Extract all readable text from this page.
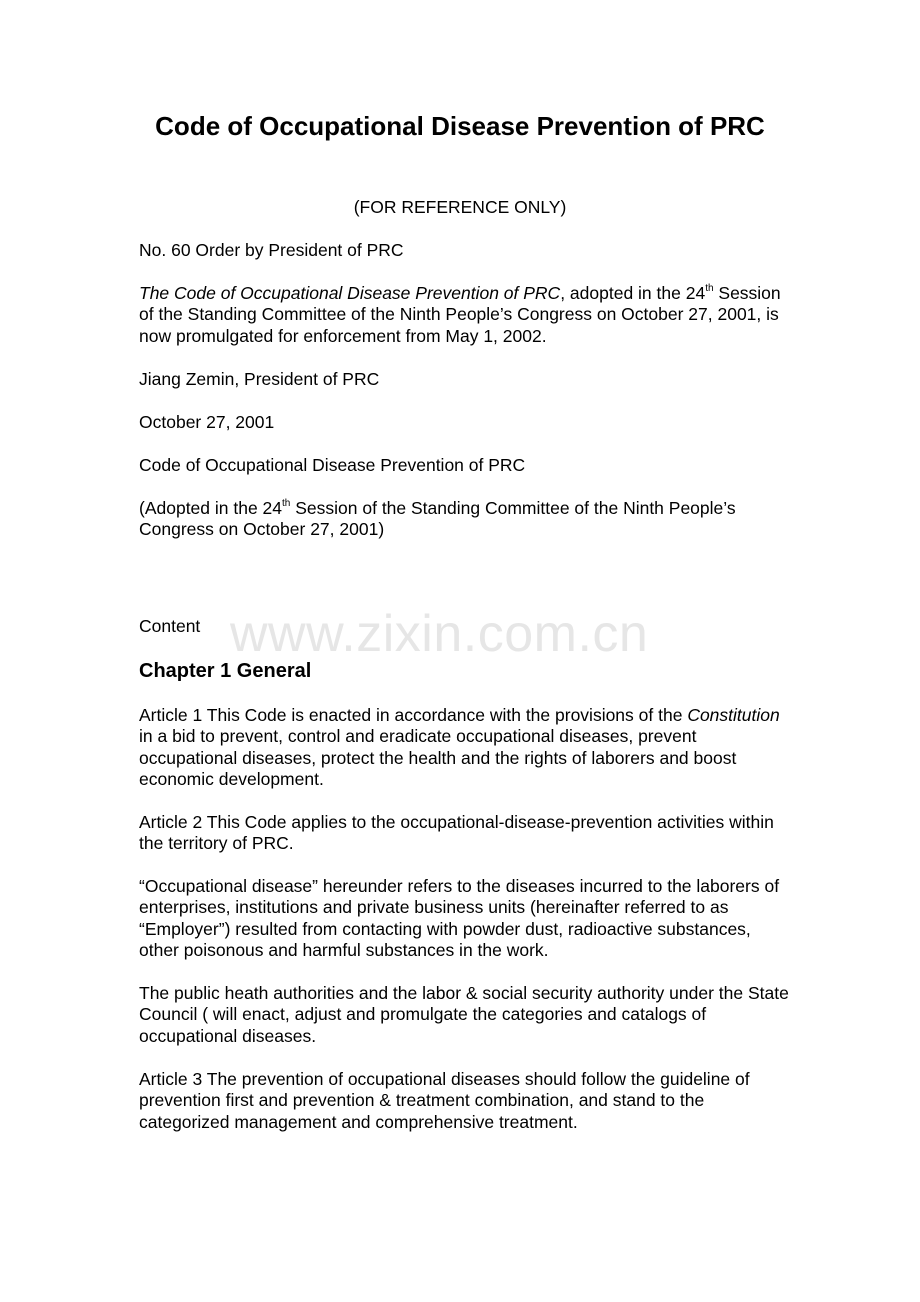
www.zixin.com.cn
Code of Occupational Disease Prevention of PRC
(FOR REFERENCE ONLY)

No. 60 Order by President of PRC

The Code of Occupational Disease Prevention of PRC, adopted in the 24th Session of the Standing Committee of the Ninth People’s Congress on October 27, 2001, is now promulgated for enforcement from May 1, 2002.

Jiang Zemin, President of PRC

October 27, 2001

Code of Occupational Disease Prevention of PRC

(Adopted in the 24th Session of the Standing Committee of the Ninth People’s Congress on October 27, 2001)

Content

Chapter 1 General

Article 1 This Code is enacted in accordance with the provisions of the Constitution in a bid to prevent, control and eradicate occupational diseases, prevent occupational diseases, protect the health and the rights of laborers and boost economic development.

Article 2 This Code applies to the occupational-disease-prevention activities within the territory of PRC.

“Occupational disease” hereunder refers to the diseases incurred to the laborers of enterprises, institutions and private business units (hereinafter referred to as “Employer”) resulted from contacting with powder dust, radioactive substances, other poisonous and harmful substances in the work.

The public heath authorities and the labor & social security authority under the State Council ( will enact, adjust and promulgate the categories and catalogs of occupational diseases.

Article 3 The prevention of occupational diseases should follow the guideline of prevention first and prevention & treatment combination, and stand to the categorized management and comprehensive treatment.
